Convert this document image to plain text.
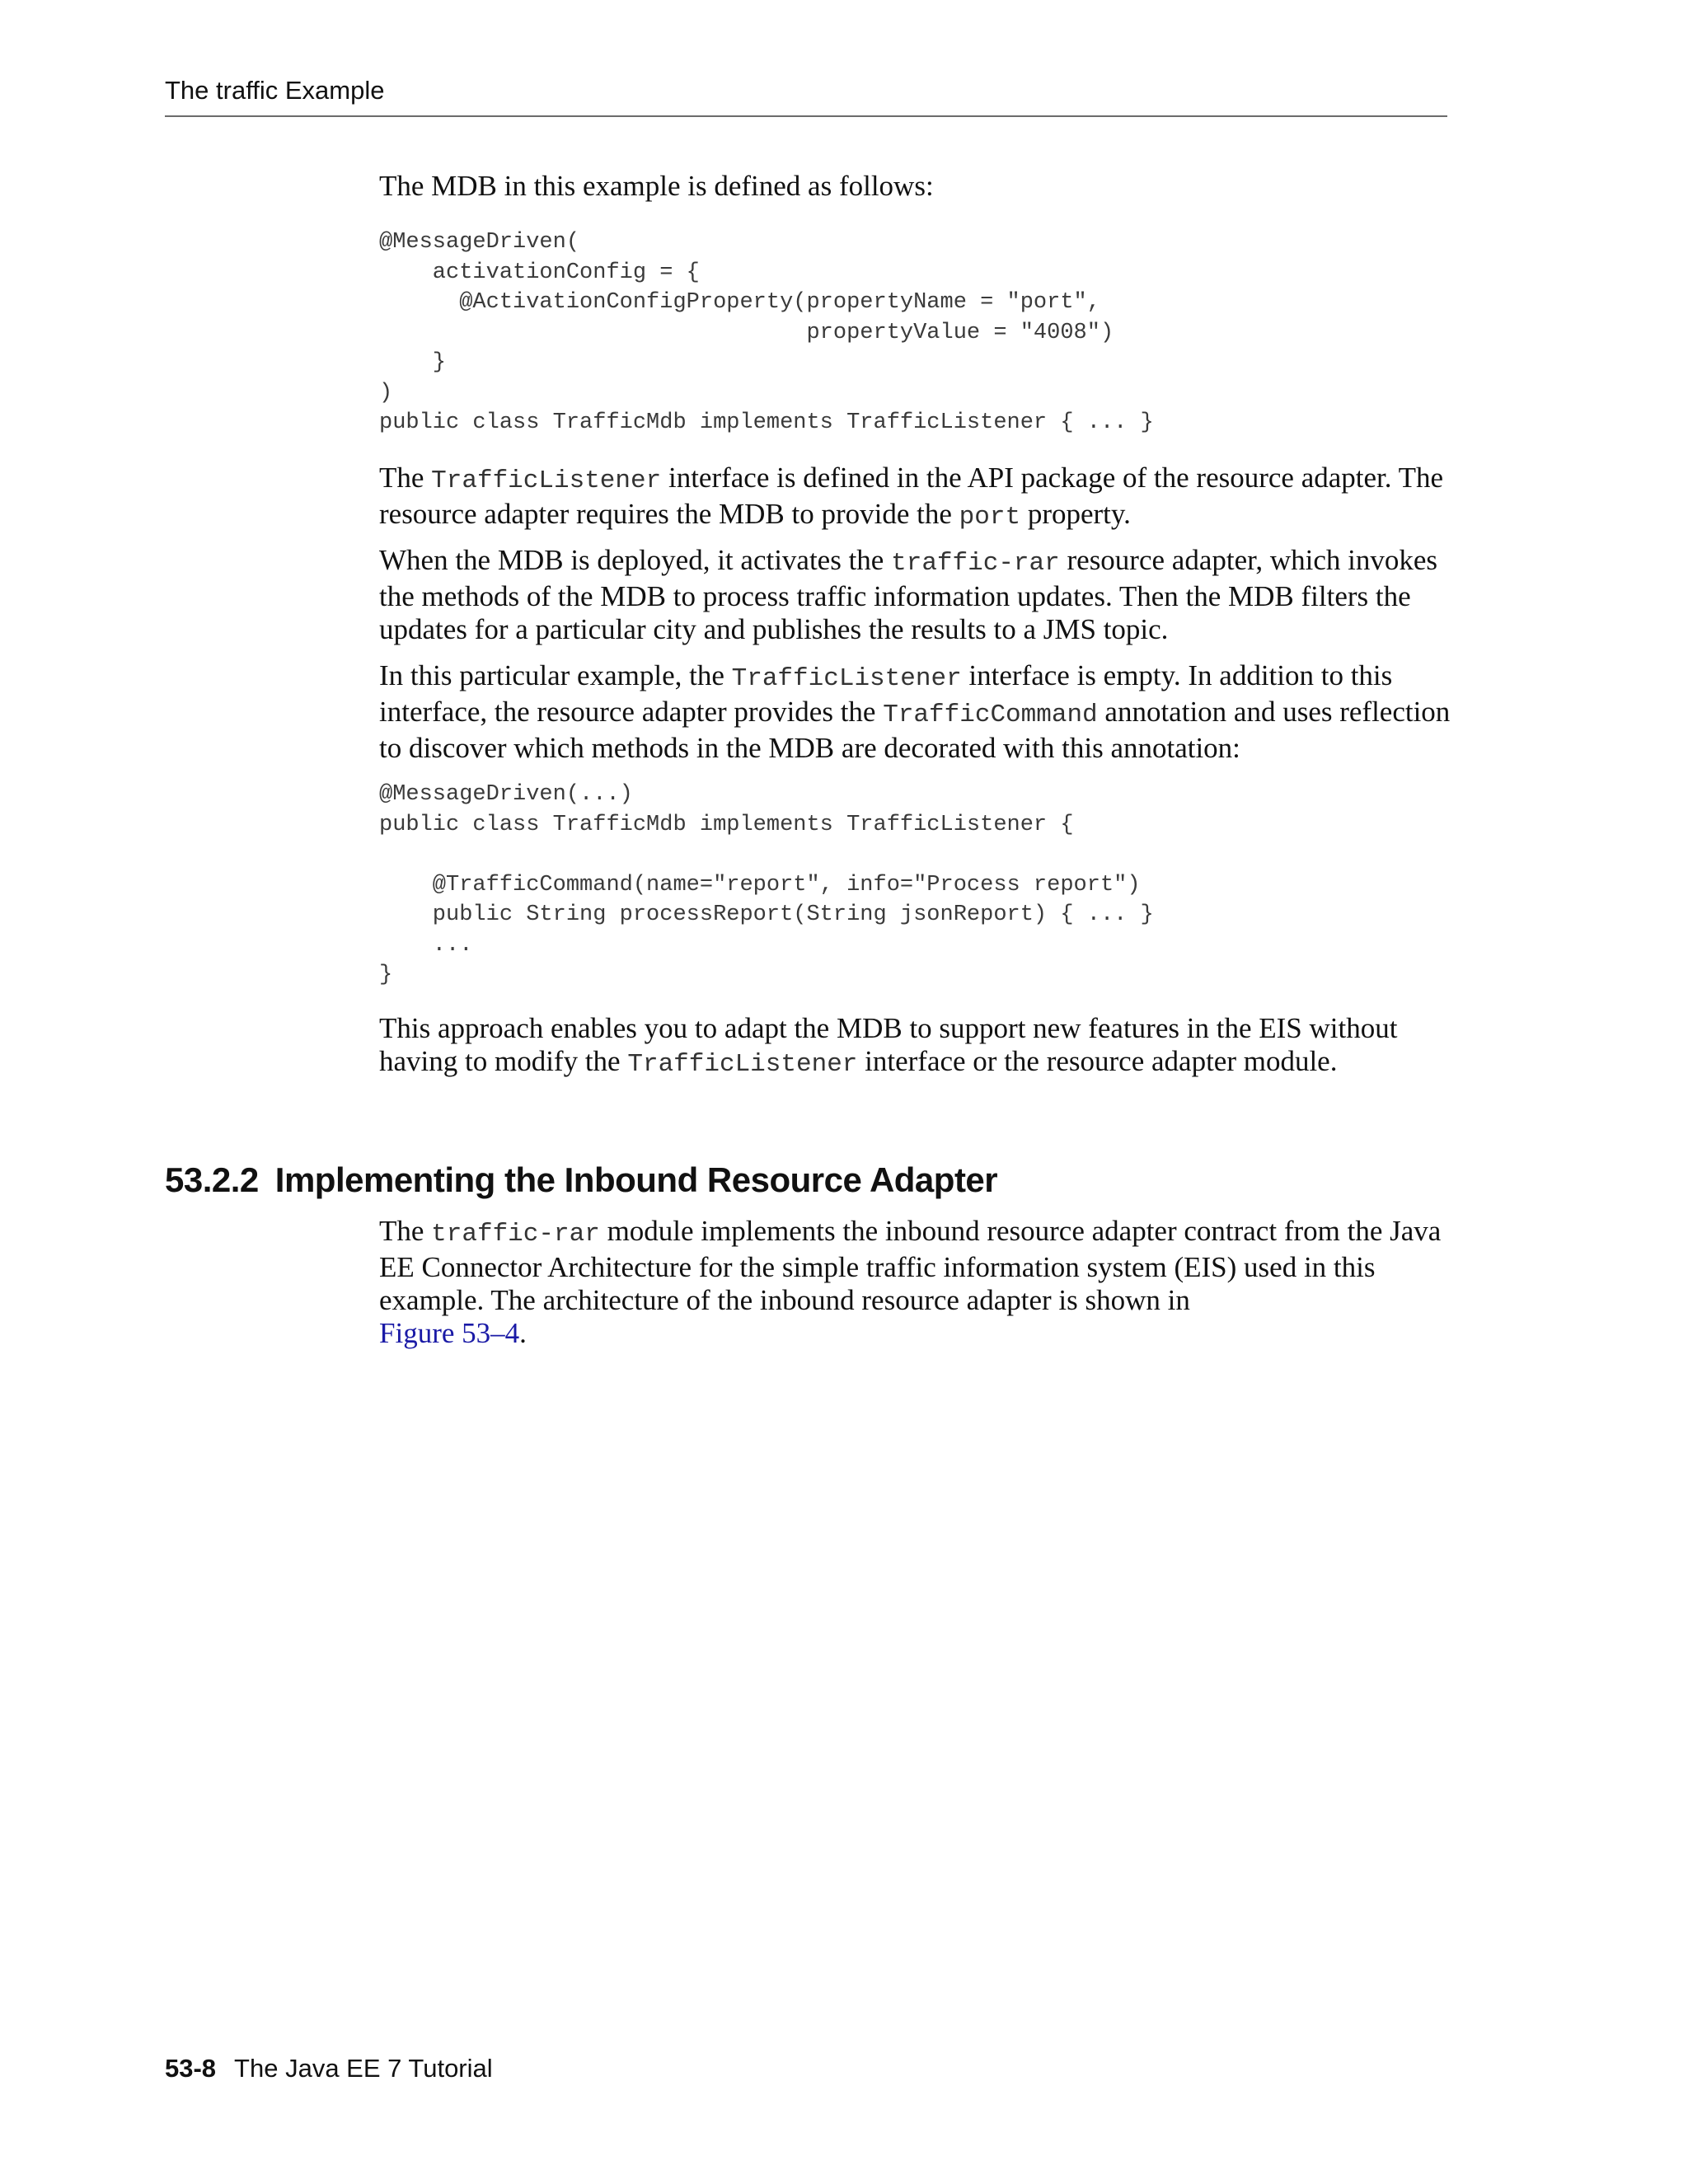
The traffic Example

The MDB in this example is defined as follows:

@MessageDriven(
activationConfig = {
@ActivationConfigProperty(propertyName = "port",
propertyValue = "4008")
}
)
public class TrafficMdb implements TrafficListener { ... }

The TrafficListener interface is defined in the API package of the resource adapter. The resource adapter requires the MDB to provide the port property.

When the MDB is deployed, it activates the traffic-rar resource adapter, which invokes the methods of the MDB to process traffic information updates. Then the MDB filters the updates for a particular city and publishes the results to a JMS topic.

In this particular example, the TrafficListener interface is empty. In addition to this interface, the resource adapter provides the TrafficCommand annotation and uses reflection to discover which methods in the MDB are decorated with this annotation:

@MessageDriven(...)
public class TrafficMdb implements TrafficListener {

@TrafficCommand(name="report", info="Process report")
public String processReport(String jsonReport) { ... }
...
}

This approach enables you to adapt the MDB to support new features in the EIS without having to modify the TrafficListener interface or the resource adapter module.

53.2.2 Implementing the Inbound Resource Adapter

The traffic-rar module implements the inbound resource adapter contract from the Java EE Connector Architecture for the simple traffic information system (EIS) used in this example. The architecture of the inbound resource adapter is shown in
Figure 53–4.

53-8 The Java EE 7 Tutorial
